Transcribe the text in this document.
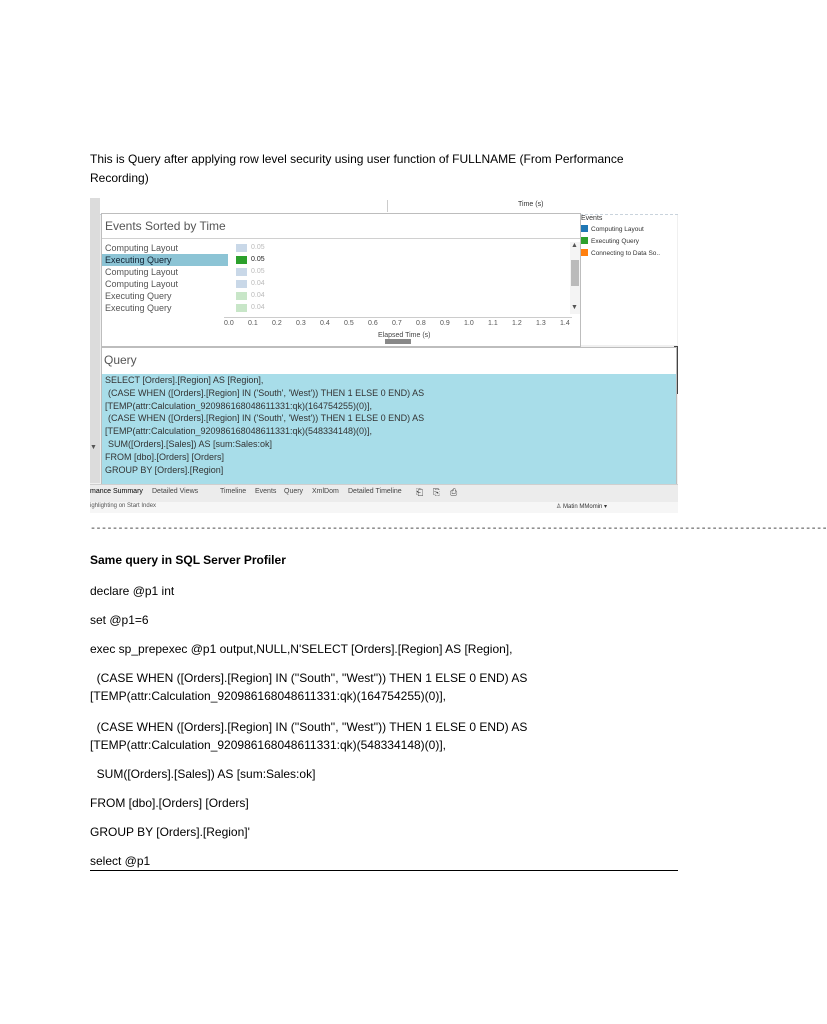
This is Query after applying row level security using user function of FULLNAME (From Performance Recording)
Time (s)
Events Sorted by Time
Computing Layout
Executing Query
Computing Layout
Computing Layout
Executing Query
Executing Query
0.05
0.05
0.05
0.04
0.04
0.04
▲
▼
0.0 0.1 0.2 0.3 0.4 0.5 0.6 0.7 0.8 0.9 1.0 1.1 1.2 1.3 1.4
Elapsed Time (s)
Events
Computing Layout
Executing Query
Connecting to Data So..
Query
SELECT [Orders].[Region] AS [Region],
(CASE WHEN ([Orders].[Region] IN ('South', 'West')) THEN 1 ELSE 0 END) AS
[TEMP(attr:Calculation_920986168048611331:qk)(164754255)(0)],
(CASE WHEN ([Orders].[Region] IN ('South', 'West')) THEN 1 ELSE 0 END) AS
[TEMP(attr:Calculation_920986168048611331:qk)(548334148)(0)],
SUM([Orders].[Sales]) AS [sum:Sales:ok]
FROM [dbo].[Orders] [Orders]
GROUP BY [Orders].[Region]
▼
mance Summary Detailed Views	Timeline Events Query XmlDom Detailed Timeline ⎗ ⎘ ⎙
ighlighting on Start Index	♙ Matin MMomin ▾
--------------------------------------------------------------------------------------------------------------------------------------
Same query in SQL Server Profiler
declare @p1 int
set @p1=6
exec sp_prepexec @p1 output,NULL,N'SELECT [Orders].[Region] AS [Region],
(CASE WHEN ([Orders].[Region] IN (''South'', ''West'')) THEN 1 ELSE 0 END) AS
[TEMP(attr:Calculation_920986168048611331:qk)(164754255)(0)],
(CASE WHEN ([Orders].[Region] IN (''South'', ''West'')) THEN 1 ELSE 0 END) AS
[TEMP(attr:Calculation_920986168048611331:qk)(548334148)(0)],
SUM([Orders].[Sales]) AS [sum:Sales:ok]
FROM [dbo].[Orders] [Orders]
GROUP BY [Orders].[Region]'
select @p1
